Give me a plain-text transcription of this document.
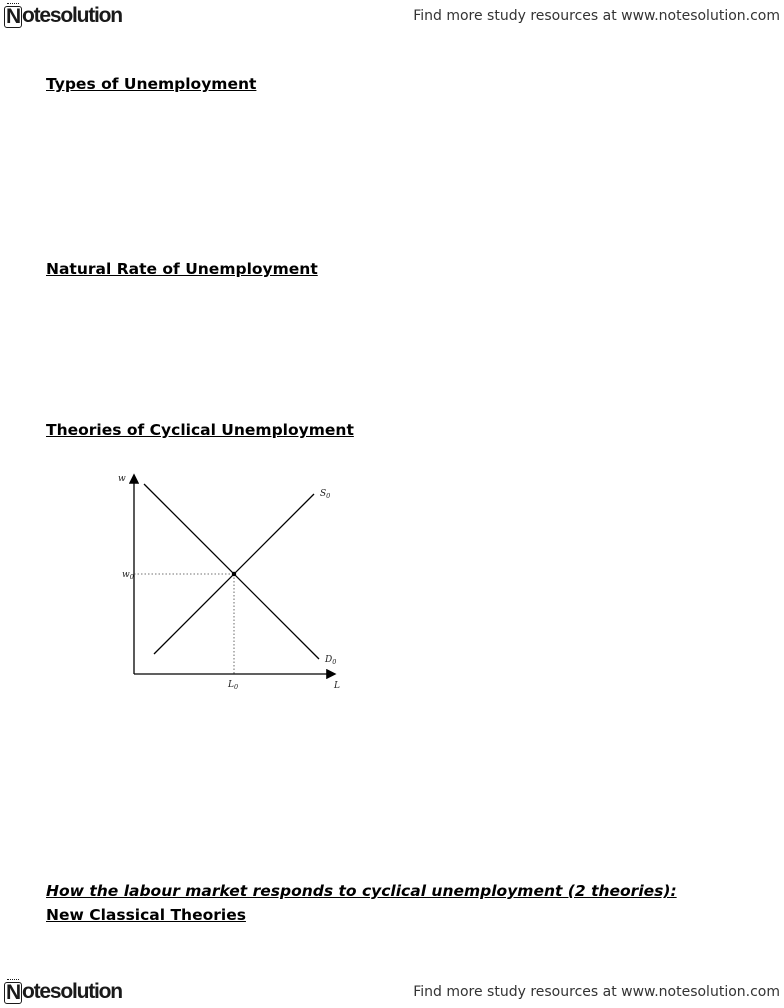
N otesolution	Find more study resources at www.notesolution.com
Types of Unemployment
Natural Rate of Unemployment
Theories of Cyclical Unemployment
w
L
$w_0$
$L_0$
$S_0$
$D_0$
How the labour market responds to cyclical unemployment (2 theories):
New Classical Theories
N otesolution	Find more study resources at www.notesolution.com
